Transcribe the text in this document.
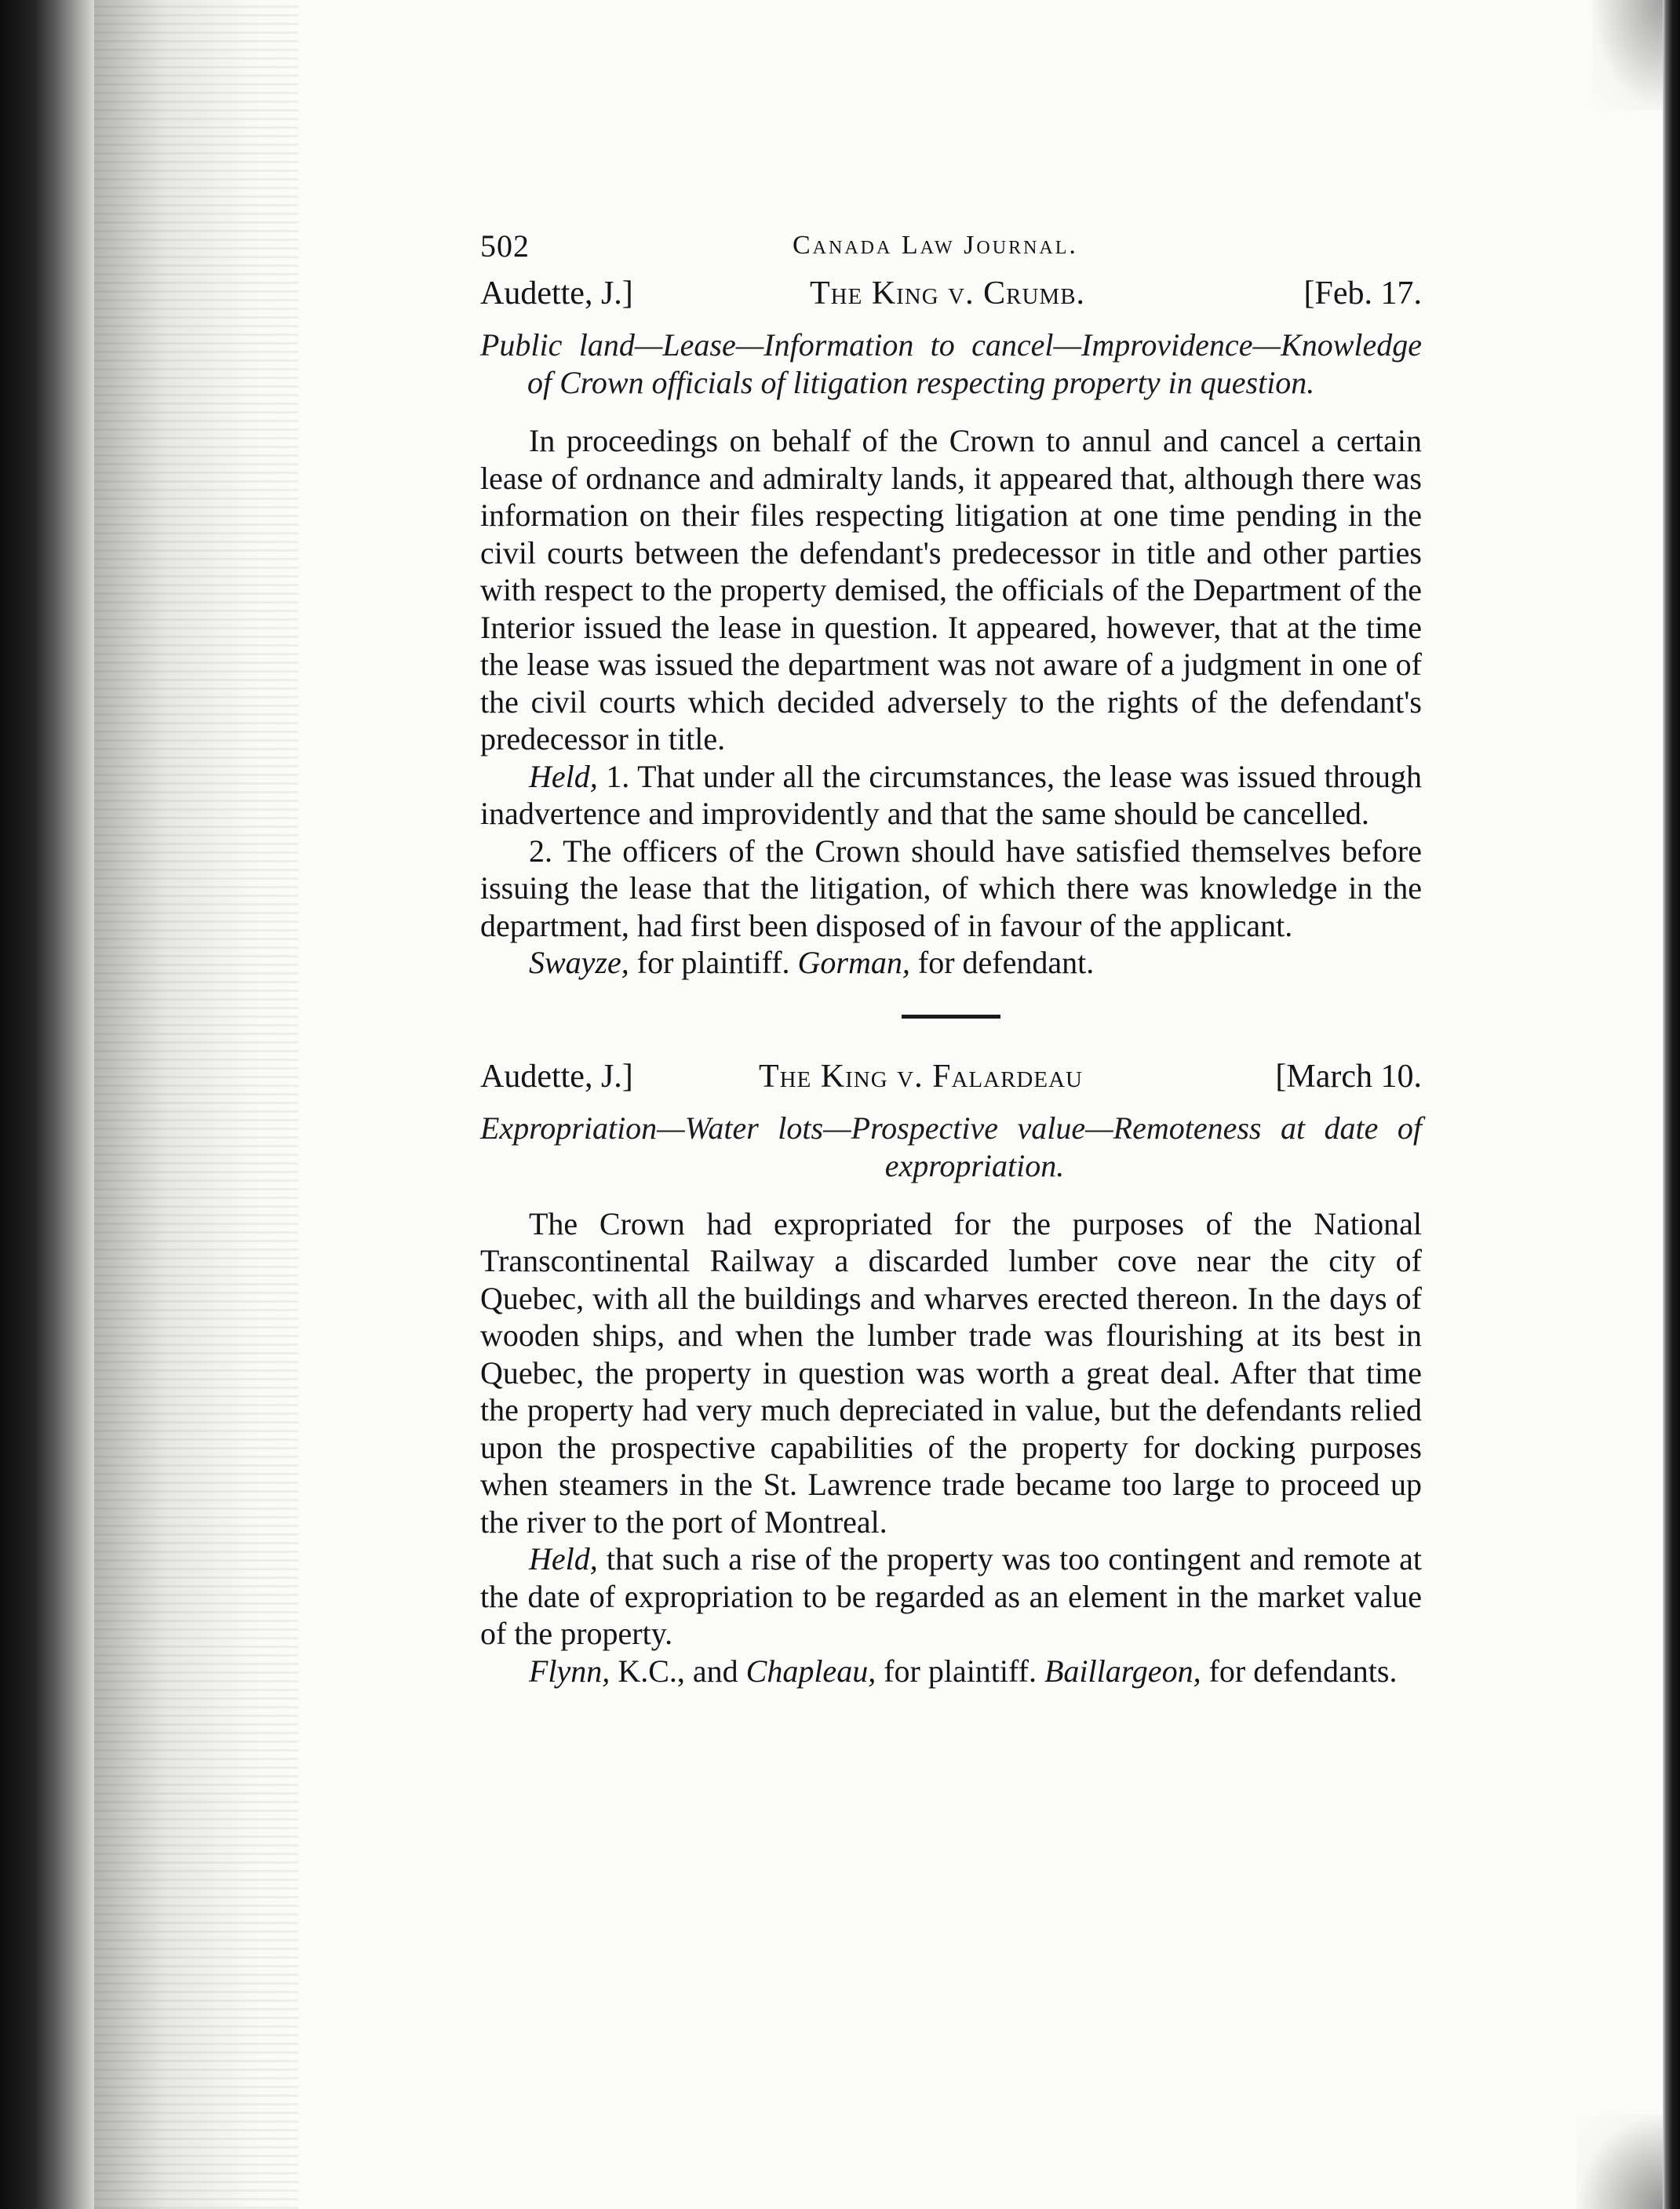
502	Canada Law Journal.
Audette, J.]	The King v. Crumb.	[Feb. 17.

Public land—Lease—Information to cancel—Improvidence—Knowledge of Crown officials of litigation respecting property in question.

In proceedings on behalf of the Crown to annul and cancel a certain lease of ordnance and admiralty lands, it appeared that, although there was information on their files respecting litigation at one time pending in the civil courts between the defendant's predecessor in title and other parties with respect to the property demised, the officials of the Department of the Interior issued the lease in question. It appeared, however, that at the time the lease was issued the department was not aware of a judgment in one of the civil courts which decided adversely to the rights of the defendant's predecessor in title.

Held, 1. That under all the circumstances, the lease was issued through inadvertence and improvidently and that the same should be cancelled.

2. The officers of the Crown should have satisfied themselves before issuing the lease that the litigation, of which there was knowledge in the department, had first been disposed of in favour of the applicant.

Swayze, for plaintiff. Gorman, for defendant.

Audette, J.]	The King v. Falardeau	[March 10.

Expropriation—Water lots—Prospective value—Remoteness at date of expropriation.

The Crown had expropriated for the purposes of the National Transcontinental Railway a discarded lumber cove near the city of Quebec, with all the buildings and wharves erected thereon. In the days of wooden ships, and when the lumber trade was flourishing at its best in Quebec, the property in question was worth a great deal. After that time the property had very much depreciated in value, but the defendants relied upon the prospective capabilities of the property for docking purposes when steamers in the St. Lawrence trade became too large to proceed up the river to the port of Montreal.

Held, that such a rise of the property was too contingent and remote at the date of expropriation to be regarded as an element in the market value of the property.

Flynn, K.C., and Chapleau, for plaintiff. Baillargeon, for defendants.
